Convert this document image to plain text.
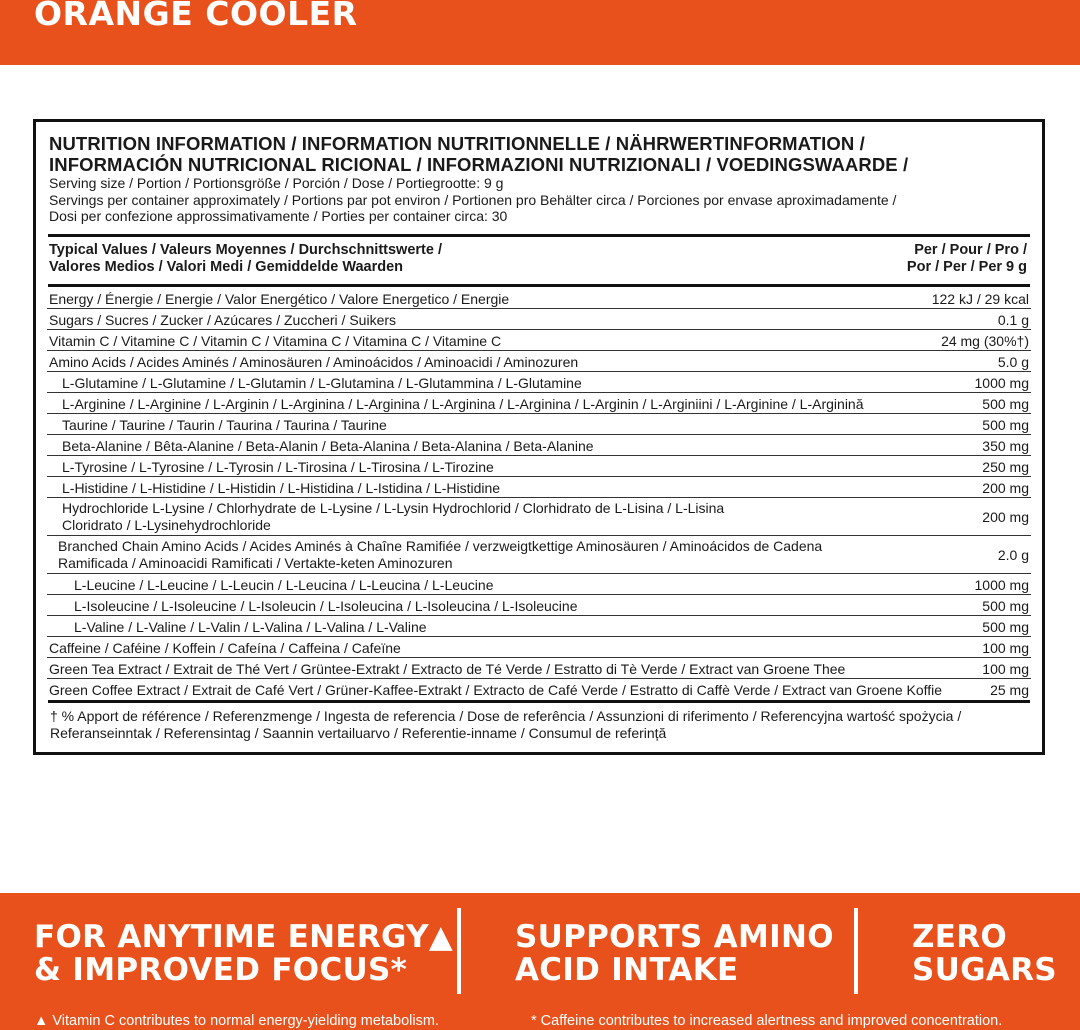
ORANGE COOLER
NUTRITION INFORMATION / INFORMATION NUTRITIONNELLE / NÄHRWERTINFORMATION /
INFORMACIÓN NUTRICIONAL RICIONAL / INFORMAZIONI NUTRIZIONALI / VOEDINGSWAARDE /
Serving size / Portion / Portionsgröße / Porción / Dose / Portiegrootte: 9 g
Servings per container approximately / Portions par pot environ / Portionen pro Behälter circa / Porciones por envase aproximadamente /
Dosi per confezione approssimativamente / Porties per container circa: 30
Typical Values / Valeurs Moyennes / Durchschnittswerte /
Valores Medios / Valori Medi / Gemiddelde Waarden
Per / Pour / Pro /
Por / Per / Per 9 g
Energy / Énergie / Energie / Valor Energético / Valore Energetico / Energie	122 kJ / 29 kcal
Sugars / Sucres / Zucker / Azúcares / Zuccheri / Suikers	0.1 g
Vitamin C / Vitamine C / Vitamin C / Vitamina C / Vitamina C / Vitamine C	24 mg (30%†)
Amino Acids / Acides Aminés / Aminosäuren / Aminoácidos / Aminoacidi / Aminozuren	5.0 g
L-Glutamine / L-Glutamine / L-Glutamin / L-Glutamina / L-Glutammina / L-Glutamine	1000 mg
L-Arginine / L-Arginine / L-Arginin / L-Arginina / L-Arginina / L-Arginina / L-Arginina / L-Arginin / L-Arginiini / L-Arginine / L-Arginină	500 mg
Taurine / Taurine / Taurin / Taurina / Taurina / Taurine	500 mg
Beta-Alanine / Bêta-Alanine / Beta-Alanin / Beta-Alanina / Beta-Alanina / Beta-Alanine	350 mg
L-Tyrosine / L-Tyrosine / L-Tyrosin / L-Tirosina / L-Tirosina / L-Tirozine	250 mg
L-Histidine / L-Histidine / L-Histidin / L-Histidina / L-Istidina / L-Histidine	200 mg
Hydrochloride L-Lysine / Chlorhydrate de L-Lysine / L-Lysin Hydrochlorid / Clorhidrato de L-Lisina / L-Lisina Cloridrato / L-Lysinehydrochloride	200 mg
Branched Chain Amino Acids / Acides Aminés à Chaîne Ramifiée / verzweigtkettige Aminosäuren / Aminoácidos de Cadena Ramificada / Aminoacidi Ramificati / Vertakte-keten Aminozuren	2.0 g
L-Leucine / L-Leucine / L-Leucin / L-Leucina / L-Leucina / L-Leucine	1000 mg
L-Isoleucine / L-Isoleucine / L-Isoleucin / L-Isoleucina / L-Isoleucina / L-Isoleucine	500 mg
L-Valine / L-Valine / L-Valin / L-Valina / L-Valina / L-Valine	500 mg
Caffeine / Caféine / Koffein / Cafeína / Caffeina / Cafeïne	100 mg
Green Tea Extract / Extrait de Thé Vert / Grüntee-Extrakt / Extracto de Té Verde / Estratto di Tè Verde / Extract van Groene Thee	100 mg
Green Coffee Extract / Extrait de Café Vert / Grüner-Kaffee-Extrakt / Extracto de Café Verde / Estratto di Caffè Verde / Extract van Groene Koffie	25 mg
† % Apport de référence / Referenzmenge / Ingesta de referencia / Dose de referência / Assunzioni di riferimento / Referencyjna wartość spożycia /
Referanseinntak / Referensintag / Saannin vertailuarvo / Referentie-inname / Consumul de referință
FOR ANYTIME ENERGY▲
& IMPROVED FOCUS*
SUPPORTS AMINO
ACID INTAKE
ZERO
SUGARS
▲ Vitamin C contributes to normal energy-yielding metabolism.	* Caffeine contributes to increased alertness and improved concentration.
